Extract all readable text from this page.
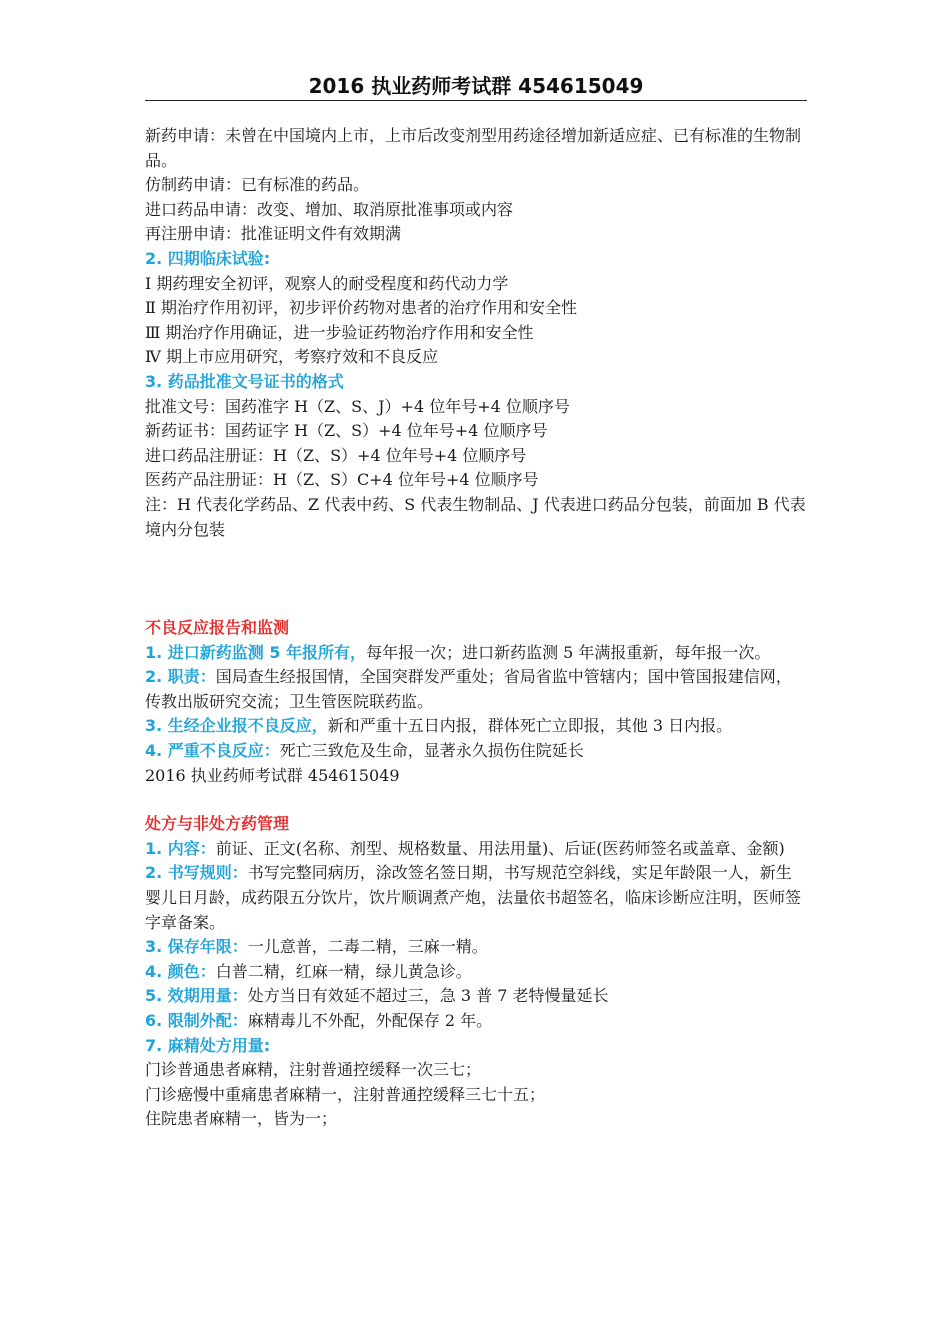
2016 执业药师考试群 454615049

新药申请：未曾在中国境内上市，上市后改变剂型用药途径增加新适应症、已有标准的生物制品。

仿制药申请：已有标准的药品。

进口药品申请：改变、增加、取消原批准事项或内容

再注册申请：批准证明文件有效期满

2. 四期临床试验:

Ⅰ 期药理安全初评，观察人的耐受程度和药代动力学

Ⅱ 期治疗作用初评，初步评价药物对患者的治疗作用和安全性

Ⅲ 期治疗作用确证，进一步验证药物治疗作用和安全性

Ⅳ 期上市应用研究，考察疗效和不良反应

3. 药品批准文号证书的格式

批准文号：国药准字 H（Z、S、J）+4 位年号+4 位顺序号

新药证书：国药证字 H（Z、S）+4 位年号+4 位顺序号

进口药品注册证：H（Z、S）+4 位年号+4 位顺序号

医药产品注册证：H（Z、S）C+4 位年号+4 位顺序号

注：H 代表化学药品、Z 代表中药、S 代表生物制品、J 代表进口药品分包装，前面加 B 代表境内分包装

不良反应报告和监测

1. 进口新药监测 5 年报所有，每年报一次；进口新药监测 5 年满报重新，每年报一次。

2. 职责：国局查生经报国情，全国突群发严重处；省局省监中管辖内；国中管国报建信网，传教出版研究交流；卫生管医院联药监。

3. 生经企业报不良反应，新和严重十五日内报，群体死亡立即报，其他 3 日内报。

4. 严重不良反应：死亡三致危及生命，显著永久损伤住院延长

2016 执业药师考试群 454615049

处方与非处方药管理

1. 内容：前证、正文(名称、剂型、规格数量、用法用量)、后证(医药师签名或盖章、金额)

2. 书写规则：书写完整同病历，涂改签名签日期，书写规范空斜线，实足年龄限一人，新生婴儿日月龄，成药限五分饮片，饮片顺调煮产炮，法量依书超签名，临床诊断应注明，医师签字章备案。

3. 保存年限：一儿意普，二毒二精，三麻一精。

4. 颜色：白普二精，红麻一精，绿儿黄急诊。

5. 效期用量：处方当日有效延不超过三，急 3 普 7 老特慢量延长

6. 限制外配：麻精毒儿不外配，外配保存 2 年。

7. 麻精处方用量:

门诊普通患者麻精，注射普通控缓释一次三七；

门诊癌慢中重痛患者麻精一，注射普通控缓释三七十五；

住院患者麻精一，皆为一；
